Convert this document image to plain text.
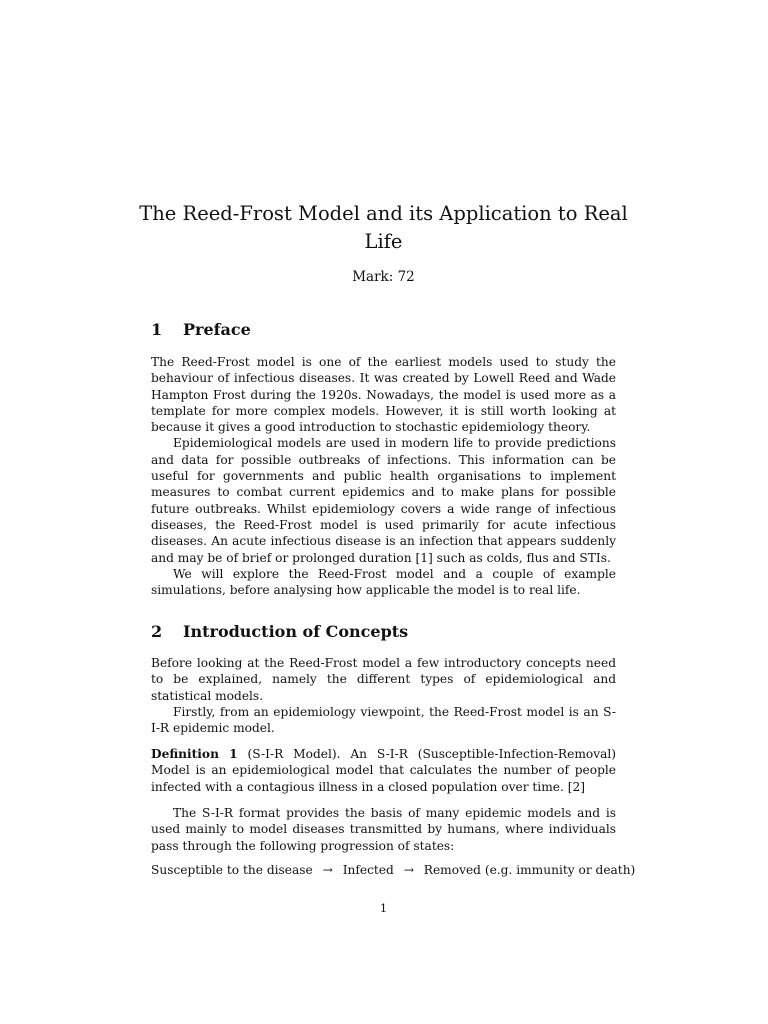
The Reed-Frost Model and its Application to Real Life

Mark: 72

1 Preface

The Reed-Frost model is one of the earliest models used to study the behaviour of infectious diseases. It was created by Lowell Reed and Wade Hampton Frost during the 1920s. Nowadays, the model is used more as a template for more complex models. However, it is still worth looking at because it gives a good introduction to stochastic epidemiology theory.

Epidemiological models are used in modern life to provide predictions and data for possible outbreaks of infections. This information can be useful for governments and public health organisations to implement measures to combat current epidemics and to make plans for possible future outbreaks. Whilst epidemiology covers a wide range of infectious diseases, the Reed-Frost model is used primarily for acute infectious diseases. An acute infectious disease is an infection that appears suddenly and may be of brief or prolonged duration [1] such as colds, flus and STIs.

We will explore the Reed-Frost model and a couple of example simulations, before analysing how applicable the model is to real life.

2 Introduction of Concepts

Before looking at the Reed-Frost model a few introductory concepts need to be explained, namely the different types of epidemiological and statistical models.

Firstly, from an epidemiology viewpoint, the Reed-Frost model is an S-I-R epidemic model.

Definition 1 (S-I-R Model). An S-I-R (Susceptible-Infection-Removal) Model is an epidemiological model that calculates the number of people infected with a contagious illness in a closed population over time. [2]

The S-I-R format provides the basis of many epidemic models and is used mainly to model diseases transmitted by humans, where individuals pass through the following progression of states:

Susceptible to the disease → Infected → Removed (e.g. immunity or death)

1
